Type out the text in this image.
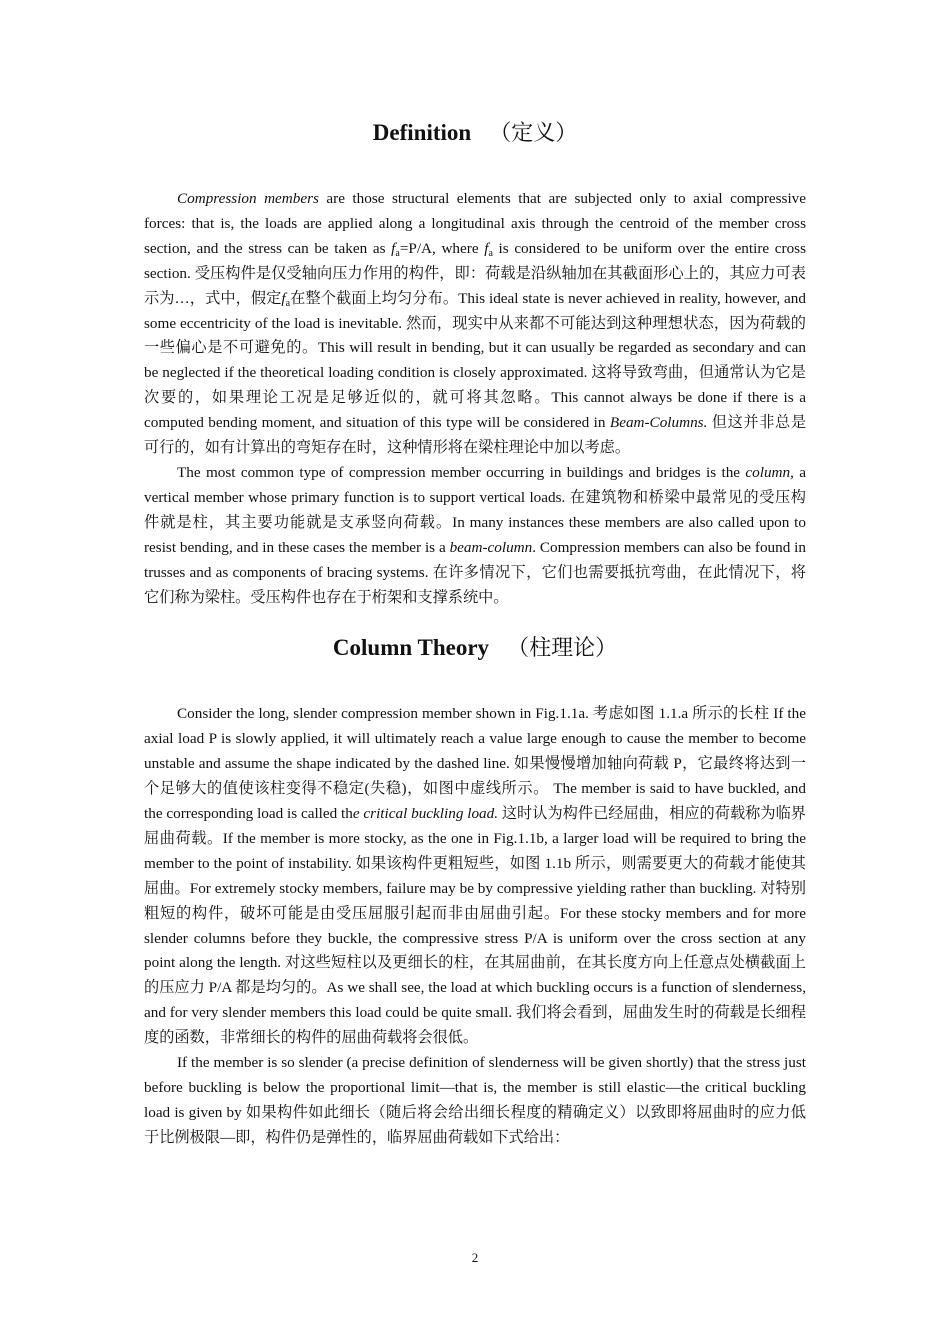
Definition （定义）

Compression members are those structural elements that are subjected only to axial compressive forces: that is, the loads are applied along a longitudinal axis through the centroid of the member cross section, and the stress can be taken as $f_a=P/A$, where $f_a$ is considered to be uniform over the entire cross section. 受压构件是仅受轴向压力作用的构件，即：荷载是沿纵轴加在其截面形心上的，其应力可表示为…，式中，假定$f_a$在整个截面上均匀分布。This ideal state is never achieved in reality, however, and some eccentricity of the load is inevitable. 然而，现实中从来都不可能达到这种理想状态，因为荷载的一些偏心是不可避免的。This will result in bending, but it can usually be regarded as secondary and can be neglected if the theoretical loading condition is closely approximated. 这将导致弯曲，但通常认为它是次要的，如果理论工况是足够近似的，就可将其忽略。This cannot always be done if there is a computed bending moment, and situation of this type will be considered in Beam-Columns. 但这并非总是可行的，如有计算出的弯矩存在时，这种情形将在梁柱理论中加以考虑。

The most common type of compression member occurring in buildings and bridges is the column, a vertical member whose primary function is to support vertical loads. 在建筑物和桥梁中最常见的受压构件就是柱，其主要功能就是支承竖向荷载。In many instances these members are also called upon to resist bending, and in these cases the member is a beam-column. Compression members can also be found in trusses and as components of bracing systems. 在许多情况下，它们也需要抵抗弯曲，在此情况下，将它们称为梁柱。受压构件也存在于桁架和支撑系统中。

Column Theory （柱理论）

Consider the long, slender compression member shown in Fig.1.1a. 考虑如图 1.1.a 所示的长柱 If the axial load P is slowly applied, it will ultimately reach a value large enough to cause the member to become unstable and assume the shape indicated by the dashed line. 如果慢慢增加轴向荷载 P，它最终将达到一个足够大的值使该柱变得不稳定(失稳)，如图中虚线所示。 The member is said to have buckled, and the corresponding load is called the critical buckling load. 这时认为构件已经屈曲，相应的荷载称为临界屈曲荷载。If the member is more stocky, as the one in Fig.1.1b, a larger load will be required to bring the member to the point of instability. 如果该构件更粗短些，如图 1.1b 所示，则需要更大的荷载才能使其屈曲。For extremely stocky members, failure may be by compressive yielding rather than buckling. 对特别粗短的构件，破坏可能是由受压屈服引起而非由屈曲引起。For these stocky members and for more slender columns before they buckle, the compressive stress P/A is uniform over the cross section at any point along the length. 对这些短柱以及更细长的柱，在其屈曲前，在其长度方向上任意点处横截面上的压应力 P/A 都是均匀的。As we shall see, the load at which buckling occurs is a function of slenderness, and for very slender members this load could be quite small. 我们将会看到，屈曲发生时的荷载是长细程度的函数，非常细长的构件的屈曲荷载将会很低。

If the member is so slender (a precise definition of slenderness will be given shortly) that the stress just before buckling is below the proportional limit—that is, the member is still elastic—the critical buckling load is given by 如果构件如此细长（随后将会给出细长程度的精确定义）以致即将屈曲时的应力低于比例极限—即，构件仍是弹性的，临界屈曲荷载如下式给出：

2
